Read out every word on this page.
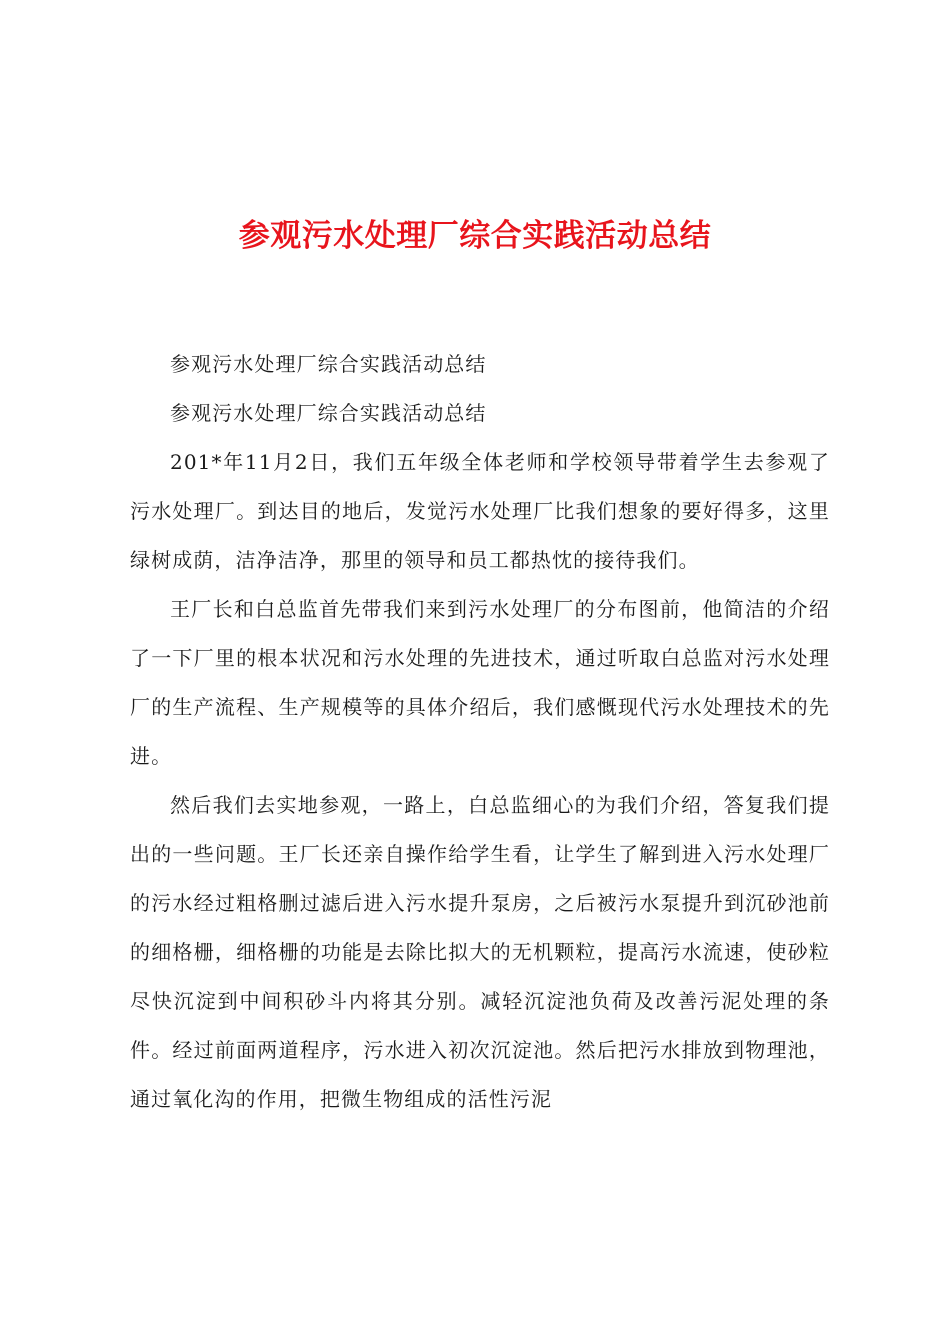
参观污水处理厂综合实践活动总结

参观污水处理厂综合实践活动总结

参观污水处理厂综合实践活动总结

201*年11月2日，我们五年级全体老师和学校领导带着学生去参观了污水处理厂。到达目的地后，发觉污水处理厂比我们想象的要好得多，这里绿树成荫，洁净洁净，那里的领导和员工都热忱的接待我们。

王厂长和白总监首先带我们来到污水处理厂的分布图前，他简洁的介绍了一下厂里的根本状况和污水处理的先进技术，通过听取白总监对污水处理厂的生产流程、生产规模等的具体介绍后，我们感慨现代污水处理技术的先进。

然后我们去实地参观，一路上，白总监细心的为我们介绍，答复我们提出的一些问题。王厂长还亲自操作给学生看，让学生了解到进入污水处理厂的污水经过粗格删过滤后进入污水提升泵房，之后被污水泵提升到沉砂池前的细格栅，细格栅的功能是去除比拟大的无机颗粒，提高污水流速，使砂粒尽快沉淀到中间积砂斗内将其分别。减轻沉淀池负荷及改善污泥处理的条件。经过前面两道程序，污水进入初次沉淀池。然后把污水排放到物理池，通过氧化沟的作用，把微生物组成的活性污泥
